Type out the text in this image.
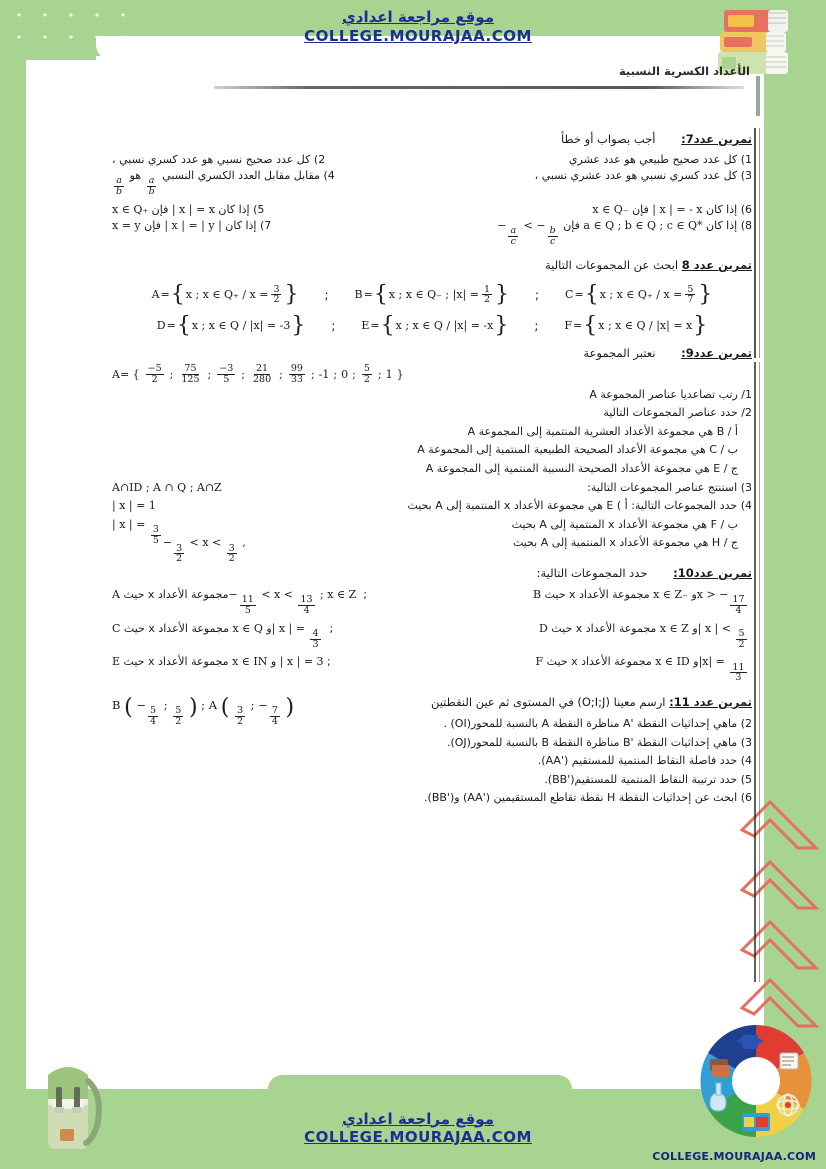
موقع مراجعة اعدادي
COLLEGE.MOURAJAA.COM
موقع مراجعة اعدادي
COLLEGE.MOURAJAA.COM
COLLEGE.MOURAJAA.COM
الأعداد الكسرية النسبية
تمرين عدد7: أجب بصواب أو خطأ
1) كل عدد صحيح طبيعي هو عدد عشري
2) كل عدد صحيح نسبي هو عدد كسري نسبي ،
3) كل عدد كسري نسبي هو عدد عشري نسبي ،
4) مقابل مقابل العدد الكسري النسبي
$\frac{a}{b}$
هو
$\frac{a}{b}$
6) إذا كان | x | = - x فإن x ∈ Q₋
5) إذا كان | x | = x فإن x ∈ Q₊
8) إذا كان a ∈ Q ; b ∈ Q ; c ∈ Q* فإن −
$\frac{a}{c}$
< −
$\frac{b}{c}$
7) إذا كان | x | = | y | فإن x = y
تمرين عدد 8 ابحث عن المجموعات التالية
C = { x ; x ∈ $Q_+ / x = \frac{5}{7}$ }
;
B = { x ; x ∈ Q₋ ; $|x| = \frac{1}{2}$ }
;
A = { x ; x ∈ $Q_+ / x = \frac{3}{2}$ }
F = { x ; x ∈ Q / |x| = x }
;
E = { x ; x ∈ Q / |x| = -x }
;
D = { x ; x ∈ Q / |x| = -3 }
تمرين عدد9: نعتبر المجموعة
A= { $\frac{-5}{2}$ ; $\frac{75}{125}$ ; $\frac{-3}{5}$ ; $\frac{21}{280}$ ; $\frac{99}{33}$ ; -1 ; 0 ; $\frac{5}{2}$ ; 1 }
1/ رتب تصاعديا عناصر المجموعة A
2/ حدد عناصر المجموعات التالية
أ / B هي مجموعة الأعداد العشرية المنتمية إلى المجموعة A
ب / C هي مجموعة الأعداد الصحيحة الطبيعية المنتمية إلى المجموعة A
ج / E هي مجموعة الأعداد الصحيحة النسبية المنتمية إلى المجموعة A
A∩ID ; A ∩ Q ; A∩Z	3) استنتج عناصر المجموعات التالية:
| x | = 1	4) حدد المجموعات التالية: أ ) E هي مجموعة الأعداد x المنتمية إلى A بحيث
| x | =
$\frac{3}{5}$
ب / F هي مجموعة الأعداد x المنتمية إلى A بحيث
−
$\frac{3}{2}$
< x <
$\frac{3}{2}$
,	ج / H هي مجموعة الأعداد x المنتمية إلى A بحيث
تمرين عدد10: حدد المجموعات التالية:
x > −
$\frac{17}{4}$
و x ∈ Z₋ مجموعة الأعداد x حيث B
; −
$\frac{11}{5}$
< x <
$\frac{13}{4}$
; x ∈ Z مجموعة الأعداد x حيث A
| x | <
$\frac{5}{2}$
و x ∈ Z مجموعة الأعداد x حيث D
; | x | =
$\frac{4}{3}$
و x ∈ Q مجموعة الأعداد x حيث C
|x| =
$\frac{11}{3}$
و x ∈ ID مجموعة الأعداد x حيث F
; | x | = 3 و x ∈ IN مجموعة الأعداد x حيث E
B ( −
$\frac{5}{4}$
;
$\frac{5}{2}$ ) ; A ( $\frac{3}{2}$
; −
$\frac{7}{4}$ )	تمرين عدد 11: ارسم معينا (O;I;J) في المستوى ثم عين النقطتين
2) ماهي إحداثيات النقطة 'A مناظرة النقطة A بالنسبة للمحور(OI) .
3) ماهي إحداثيات النقطة 'B مناظرة النقطة B بالنسبة للمحور(OJ).
4) حدد فاصلة النقاط المنتمية للمستقيم ('AA).
5) حدد ترتيبة النقاط المنتمية للمستقيم('BB).
6) ابحث عن إحداثيات النقطة H نقطة تقاطع المستقيمين ('AA) و('BB).
